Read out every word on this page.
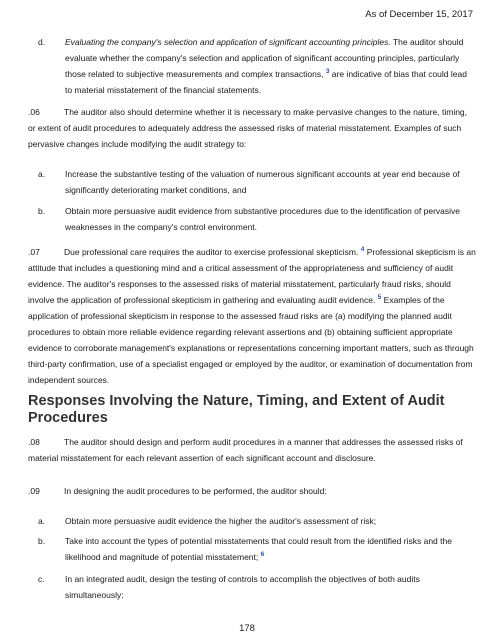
As of December 15, 2017
d. Evaluating the company's selection and application of significant accounting principles. The auditor should evaluate whether the company's selection and application of significant accounting principles, particularly those related to subjective measurements and complex transactions, $^3$ are indicative of bias that could lead to material misstatement of the financial statements.

.06	The auditor also should determine whether it is necessary to make pervasive changes to the nature, timing, or extent of audit procedures to adequately address the assessed risks of material misstatement. Examples of such pervasive changes include modifying the audit strategy to:

a. Increase the substantive testing of the valuation of numerous significant accounts at year end because of significantly deteriorating market conditions, and

b. Obtain more persuasive audit evidence from substantive procedures due to the identification of pervasive weaknesses in the company's control environment.

.07	Due professional care requires the auditor to exercise professional skepticism. $^4$ Professional skepticism is an attitude that includes a questioning mind and a critical assessment of the appropriateness and sufficiency of audit evidence. The auditor's responses to the assessed risks of material misstatement, particularly fraud risks, should involve the application of professional skepticism in gathering and evaluating audit evidence. $^5$ Examples of the application of professional skepticism in response to the assessed fraud risks are (a) modifying the planned audit procedures to obtain more reliable evidence regarding relevant assertions and (b) obtaining sufficient appropriate evidence to corroborate management's explanations or representations concerning important matters, such as through third-party confirmation, use of a specialist engaged or employed by the auditor, or examination of documentation from independent sources.

Responses Involving the Nature, Timing, and Extent of Audit Procedures

.08	The auditor should design and perform audit procedures in a manner that addresses the assessed risks of material misstatement for each relevant assertion of each significant account and disclosure.

.09	In designing the audit procedures to be performed, the auditor should:

a. Obtain more persuasive audit evidence the higher the auditor's assessment of risk;

b. Take into account the types of potential misstatements that could result from the identified risks and the likelihood and magnitude of potential misstatement; $^6$

c. In an integrated audit, design the testing of controls to accomplish the objectives of both audits simultaneously:

178
